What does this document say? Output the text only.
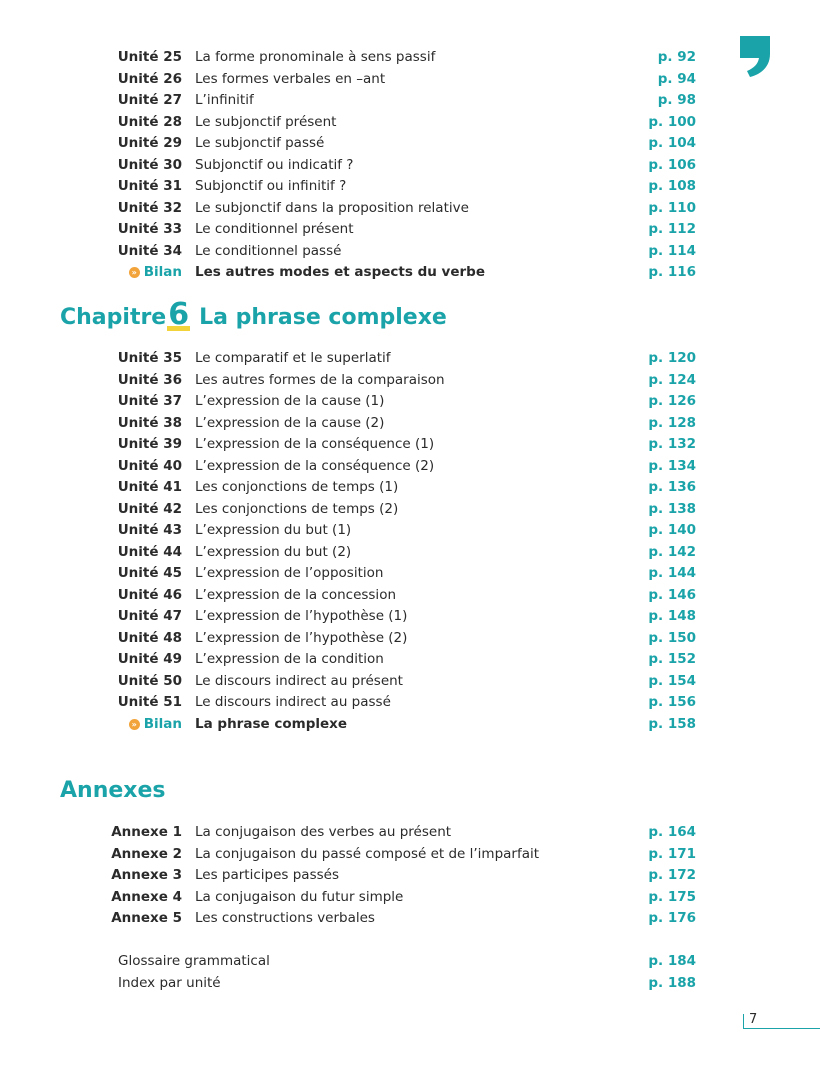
Unité 25 La forme pronominale à sens passif	p. 92
Unité 26 Les formes verbales en –ant	p. 94
Unité 27 L’infinitif	p. 98
Unité 28 Le subjonctif présent	p. 100
Unité 29 Le subjonctif passé	p. 104
Unité 30 Subjonctif ou indicatif ?	p. 106
Unité 31 Subjonctif ou infinitif ?	p. 108
Unité 32 Le subjonctif dans la proposition relative	p. 110
Unité 33 Le conditionnel présent	p. 112
Unité 34 Le conditionnel passé	p. 114
» Bilan Les autres modes et aspects du verbe	p. 116
Chapitre6 La phrase complexe
Unité 35 Le comparatif et le superlatif	p. 120
Unité 36 Les autres formes de la comparaison	p. 124
Unité 37 L’expression de la cause (1)	p. 126
Unité 38 L’expression de la cause (2)	p. 128
Unité 39 L’expression de la conséquence (1)	p. 132
Unité 40 L’expression de la conséquence (2)	p. 134
Unité 41 Les conjonctions de temps (1)	p. 136
Unité 42 Les conjonctions de temps (2)	p. 138
Unité 43 L’expression du but (1)	p. 140
Unité 44 L’expression du but (2)	p. 142
Unité 45 L’expression de l’opposition	p. 144
Unité 46 L’expression de la concession	p. 146
Unité 47 L’expression de l’hypothèse (1)	p. 148
Unité 48 L’expression de l’hypothèse (2)	p. 150
Unité 49 L’expression de la condition	p. 152
Unité 50 Le discours indirect au présent	p. 154
Unité 51 Le discours indirect au passé	p. 156
» Bilan La phrase complexe	p. 158
Annexes
Annexe 1 La conjugaison des verbes au présent	p. 164
Annexe 2 La conjugaison du passé composé et de l’imparfait	p. 171
Annexe 3 Les participes passés	p. 172
Annexe 4 La conjugaison du futur simple	p. 175
Annexe 5 Les constructions verbales	p. 176
Glossaire grammatical	p. 184
Index par unité	p. 188
7
